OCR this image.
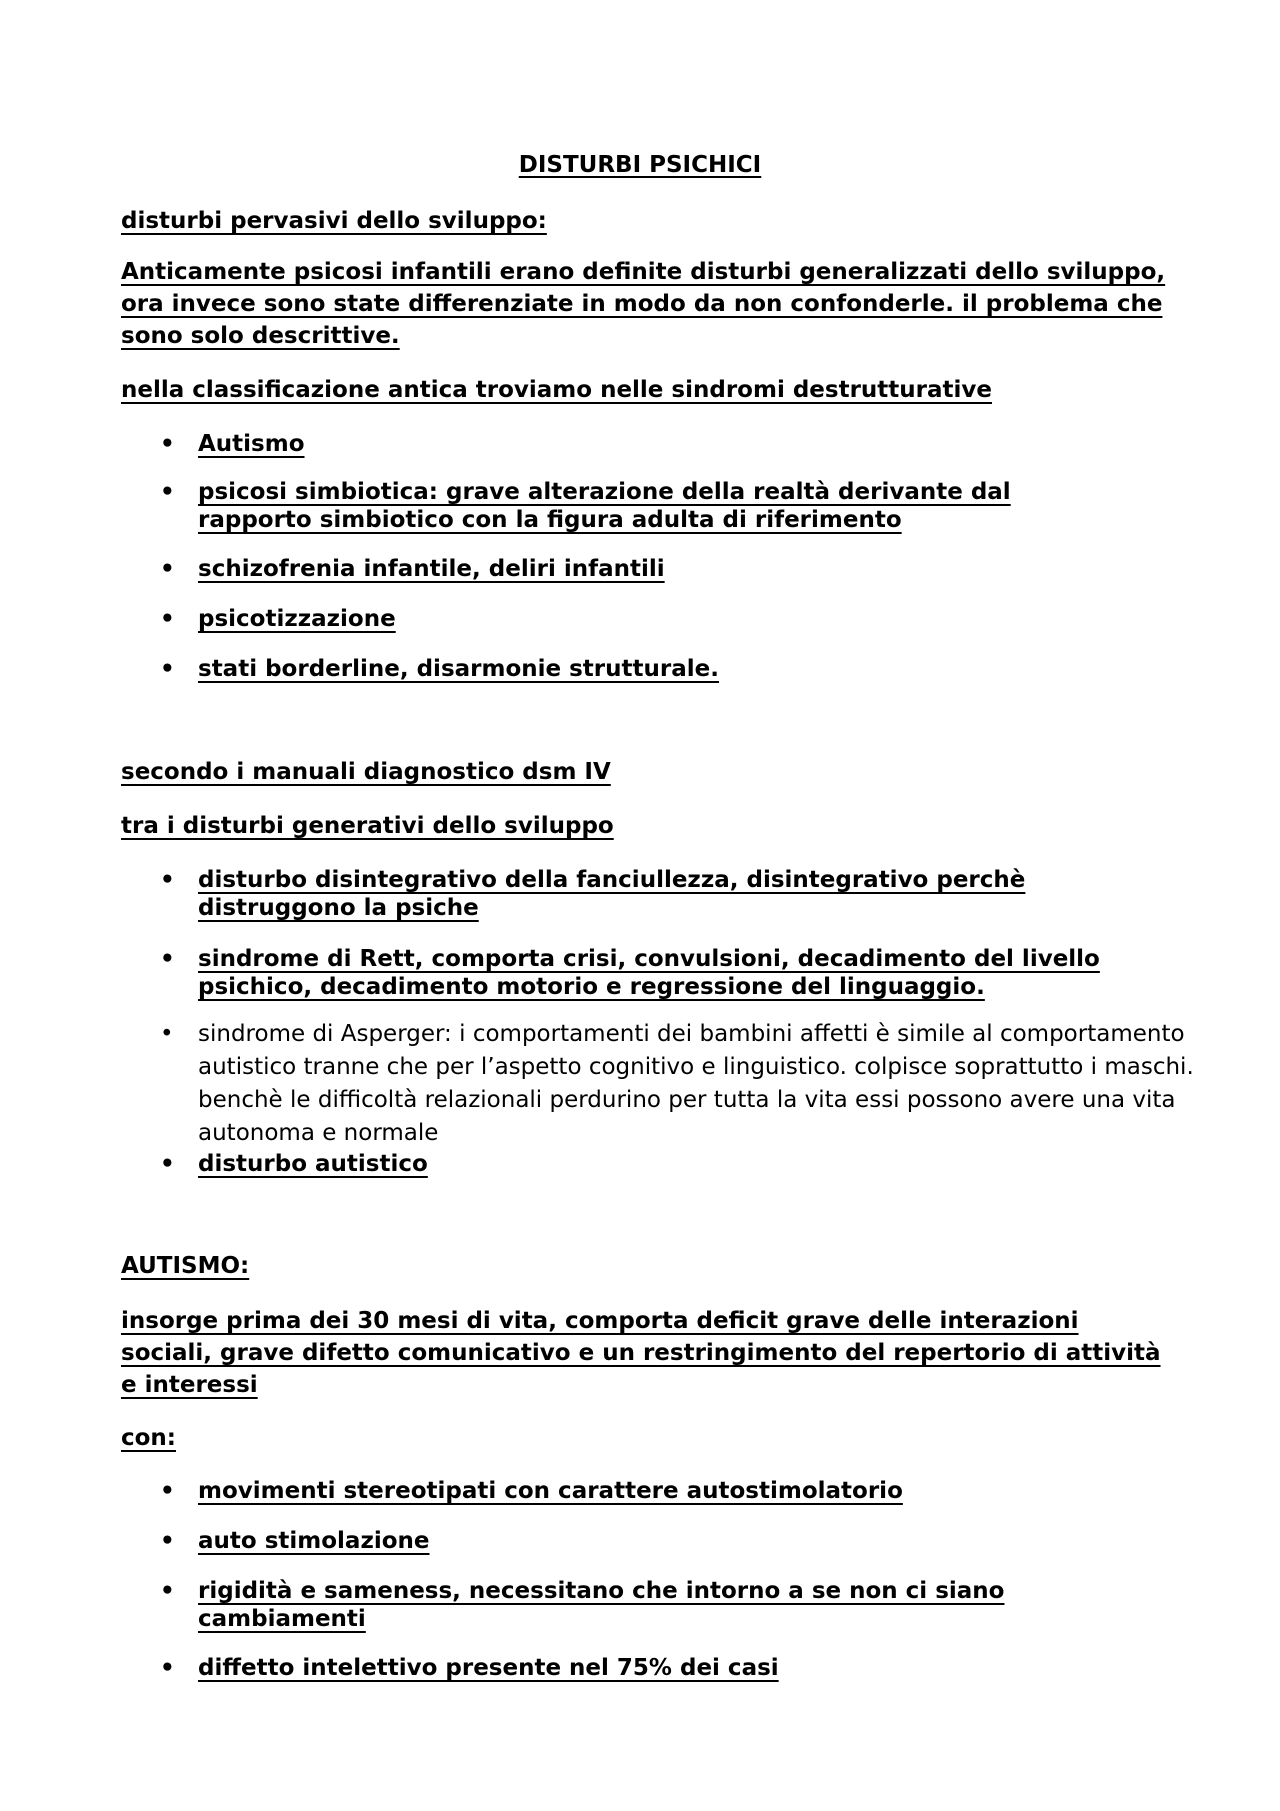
DISTURBI PSICHICI

disturbi pervasivi dello sviluppo:

Anticamente psicosi infantili erano definite disturbi generalizzati dello sviluppo, ora invece sono state differenziate in modo da non confonderle. il problema che sono solo descrittive.

nella classificazione antica troviamo nelle sindromi destrutturative

•	Autismo
•	psicosi simbiotica: grave alterazione della realtà derivante dal rapporto simbiotico con la figura adulta di riferimento
•	schizofrenia infantile, deliri infantili
•	psicotizzazione
•	stati borderline, disarmonie strutturale.

secondo i manuali diagnostico dsm IV

tra i disturbi generativi dello sviluppo

•	disturbo disintegrativo della fanciullezza, disintegrativo perchè distruggono la psiche
•	sindrome di Rett, comporta crisi, convulsioni, decadimento del livello psichico, decadimento motorio e regressione del linguaggio.
•	sindrome di Asperger: i comportamenti dei bambini affetti è simile al comportamento autistico tranne che per l’aspetto cognitivo e linguistico. colpisce soprattutto i maschi. benchè le difficoltà relazionali perdurino per tutta la vita essi possono avere una vita autonoma e normale
•	disturbo autistico

AUTISMO:

insorge prima dei 30 mesi di vita, comporta deficit grave delle interazioni sociali, grave difetto comunicativo e un restringimento del repertorio di attività e interessi

con:

•	movimenti stereotipati con carattere autostimolatorio
•	auto stimolazione
•	rigidità e sameness, necessitano che intorno a se non ci siano cambiamenti
•	diffetto intelettivo presente nel 75% dei casi
